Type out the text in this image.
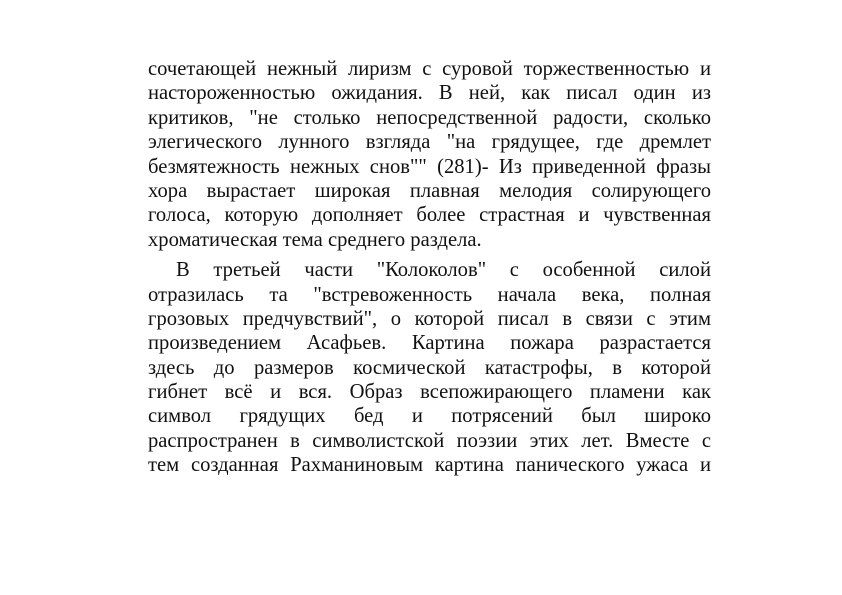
сочетающей нежный лиризм с суровой торжественностью и
настороженностью ожидания. В ней, как писал один из
критиков, "не столько непосредственной радости, сколько
элегического лунного взгляда "на грядущее, где дремлет
безмятежность нежных снов"" (281)- Из приведенной фразы
хора вырастает широкая плавная мелодия солирующего
голоса, которую дополняет более страстная и чувственная
хроматическая тема среднего раздела.

В третьей части "Колоколов" с особенной силой
отразилась та "встревоженность начала века, полная
грозовых предчувствий", о которой писал в связи с этим
произведением Асафьев. Картина пожара разрастается
здесь до размеров космической катастрофы, в которой
гибнет всё и вся. Образ всепожирающего пламени как
символ грядущих бед и потрясений был широко
распространен в символистской поэзии этих лет. Вместе с
тем созданная Рахманиновым картина панического ужаса и
